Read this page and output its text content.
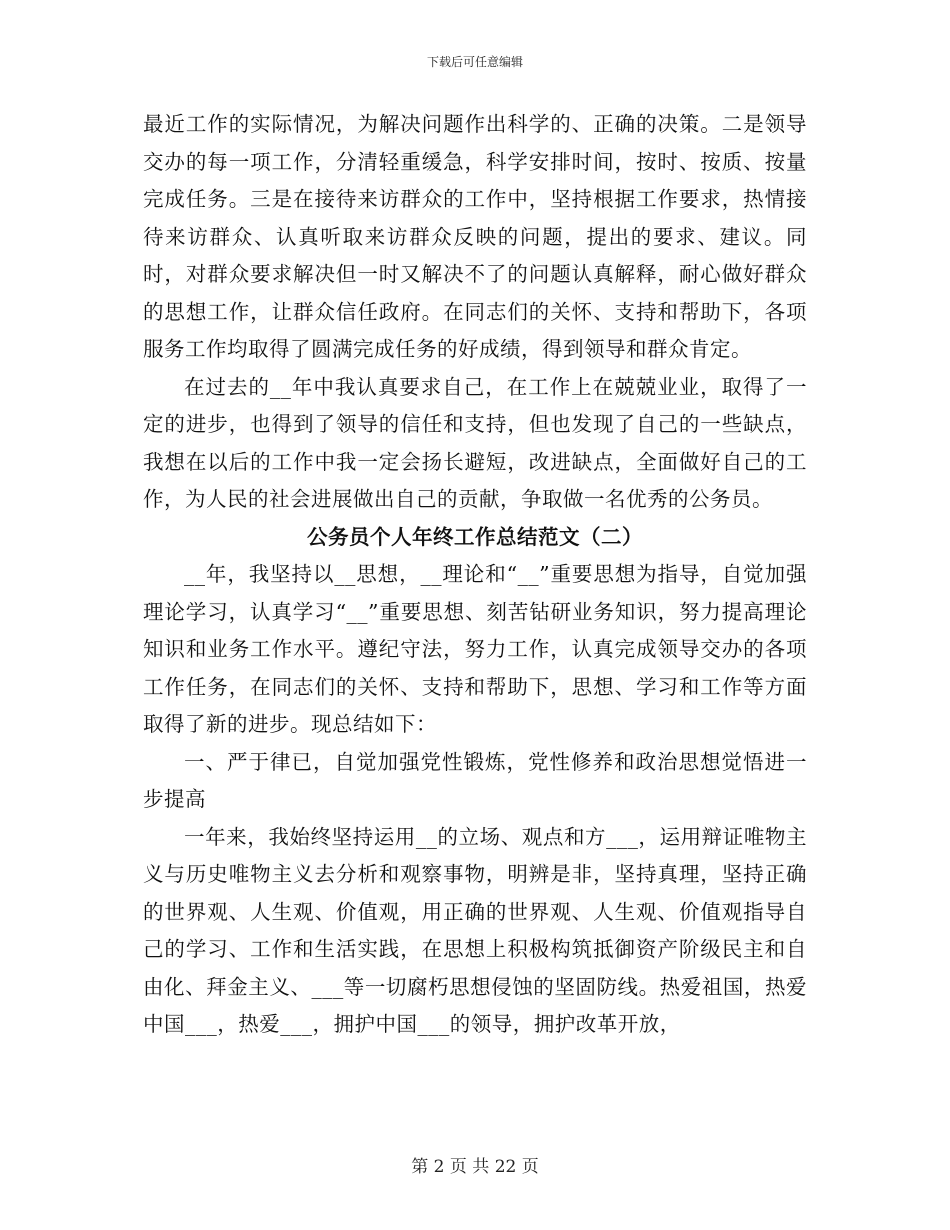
下载后可任意编辑

最近工作的实际情况，为解决问题作出科学的、正确的决策。二是领导交办的每一项工作，分清轻重缓急，科学安排时间，按时、按质、按量完成任务。三是在接待来访群众的工作中，坚持根据工作要求，热情接待来访群众、认真听取来访群众反映的问题，提出的要求、建议。同时，对群众要求解决但一时又解决不了的问题认真解释，耐心做好群众的思想工作，让群众信任政府。在同志们的关怀、支持和帮助下，各项服务工作均取得了圆满完成任务的好成绩，得到领导和群众肯定。

在过去的__年中我认真要求自己，在工作上在兢兢业业，取得了一定的进步，也得到了领导的信任和支持，但也发现了自己的一些缺点，我想在以后的工作中我一定会扬长避短，改进缺点，全面做好自己的工作，为人民的社会进展做出自己的贡献，争取做一名优秀的公务员。

公务员个人年终工作总结范文（二）

__年，我坚持以__思想，__理论和“__”重要思想为指导，自觉加强理论学习，认真学习“__”重要思想、刻苦钻研业务知识，努力提高理论知识和业务工作水平。遵纪守法，努力工作，认真完成领导交办的各项工作任务，在同志们的关怀、支持和帮助下，思想、学习和工作等方面取得了新的进步。现总结如下：

一、严于律已，自觉加强党性锻炼，党性修养和政治思想觉悟进一步提高

一年来，我始终坚持运用__的立场、观点和方___，运用辩证唯物主义与历史唯物主义去分析和观察事物，明辨是非，坚持真理，坚持正确的世界观、人生观、价值观，用正确的世界观、人生观、价值观指导自己的学习、工作和生活实践，在思想上积极构筑抵御资产阶级民主和自由化、拜金主义、___等一切腐朽思想侵蚀的坚固防线。热爱祖国，热爱中国___，热爱___，拥护中国___的领导，拥护改革开放，

第 2 页 共 22 页
